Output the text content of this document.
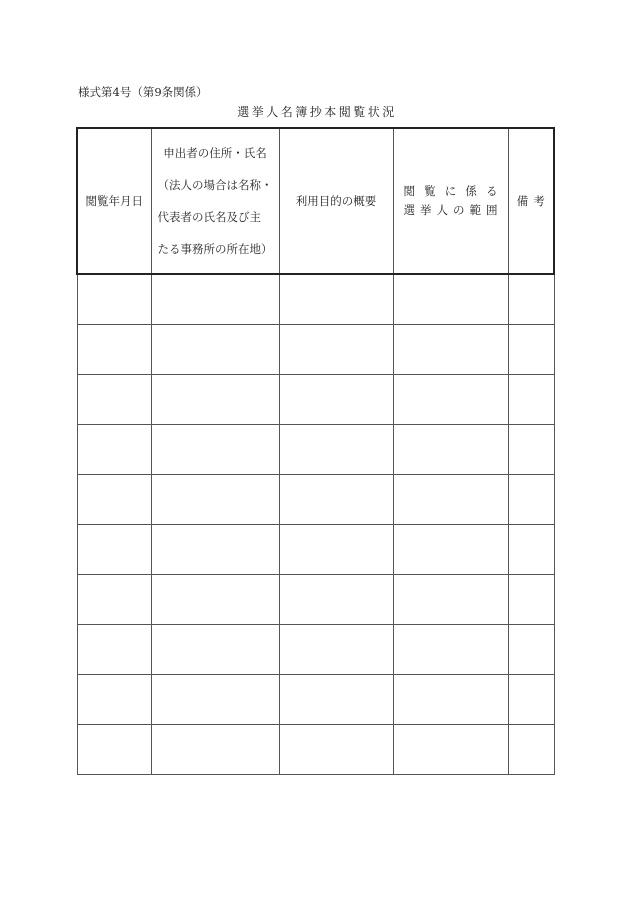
様式第4号（第9条関係）
選挙人名簿抄本閲覧状況
閲覧年月日	申出者の住所・氏名

（法人の場合は名称・

代表者の氏名及び主

たる事務所の所在地）	利用目的の概要	閲覧に係る
選挙人の範囲	備考
